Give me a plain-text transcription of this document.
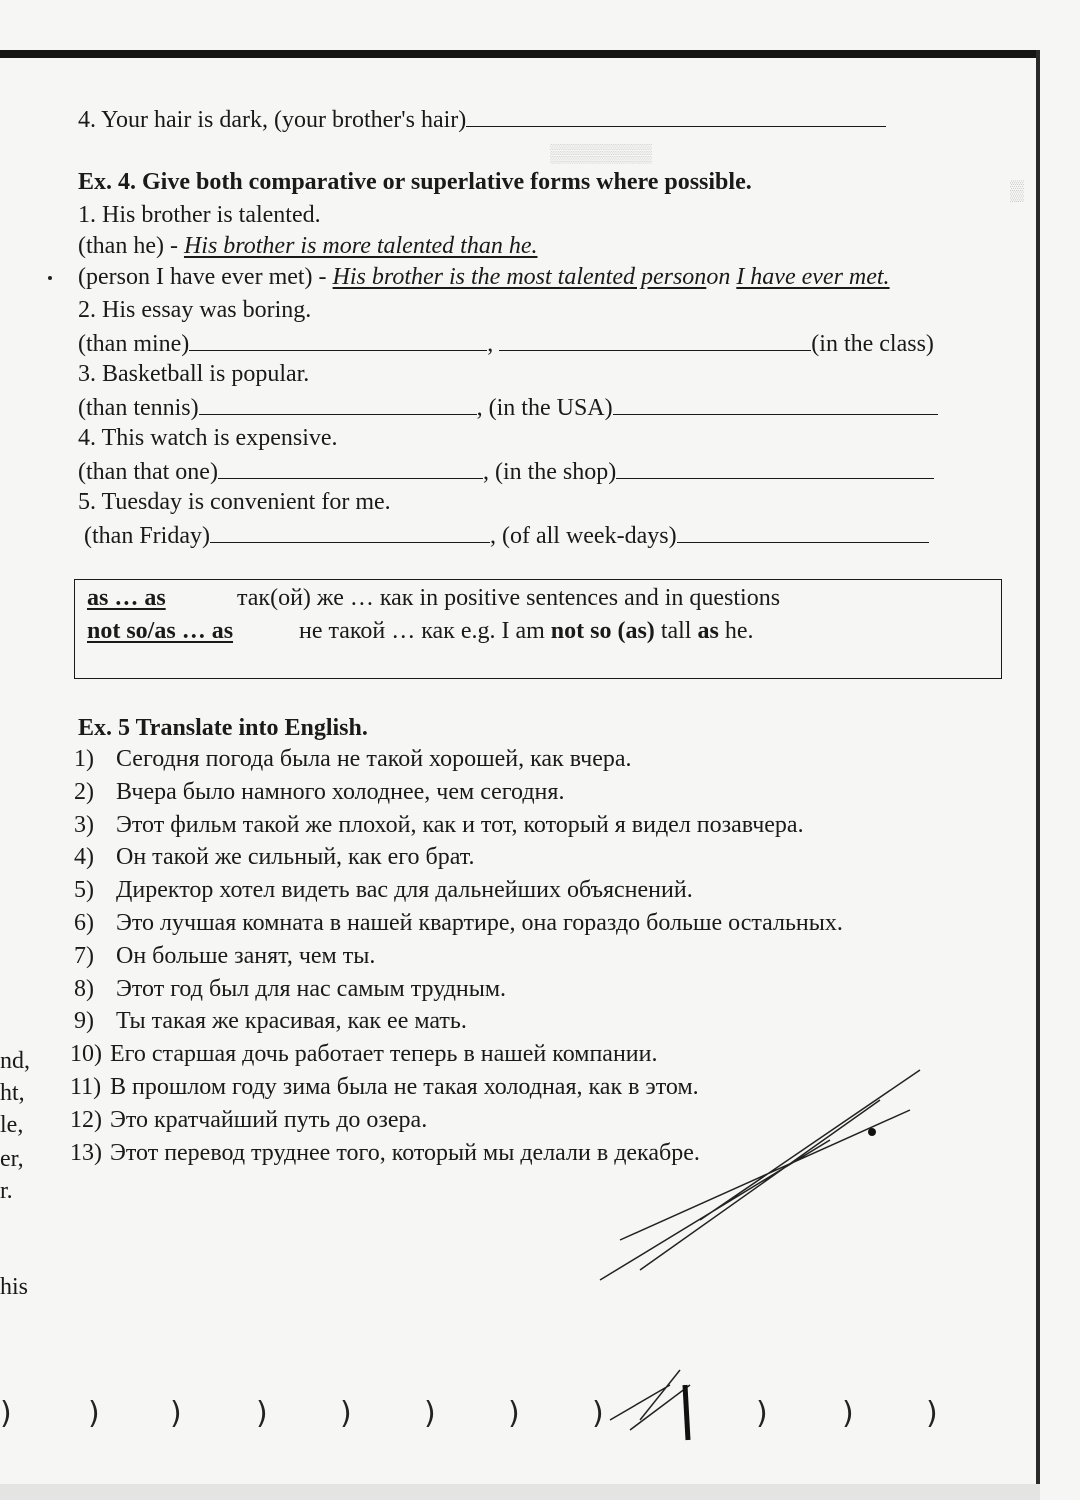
▒▒▒▒▒▒▒▒
▒
4. Your hair is dark, (your brother's hair)
Ex. 4. Give both comparative or superlative forms where possible.
1. His brother is talented.
(than he) - His brother is more talented than he.
(person I have ever met) - His brother is the most talented personon I have ever met.
2. His essay was boring.
(than mine)	,	(in the class)
3. Basketball is popular.
(than tennis)	, (in the USA)
4. This watch is expensive.
(than that one)	, (in the shop)
5. Tuesday is convenient for me.
(than Friday)	, (of all week-days)
as … as	так(ой) же … как in positive sentences and in questions
not so/as … as	не такой … как e.g. I am not so (as) tall as he.
Ex. 5 Translate into English.
1) Сегодня погода была не такой хорошей, как вчера.
2) Вчера было намного холоднее, чем сегодня.
3) Этот фильм такой же плохой, как и тот, который я видел позавчера.
4) Он такой же сильный, как его брат.
5) Директор хотел видеть вас для дальнейших объяснений.
6) Это лучшая комната в нашей квартире, она гораздо больше остальных.
7) Он больше занят, чем ты.
8) Этот год был для нас самым трудным.
9) Ты такая же красивая, как ее мать.
10) Его старшая дочь работает теперь в нашей компании.
11) В прошлом году зима была не такая холодная, как в этом.
12) Это кратчайший путь до озера.
13) Этот перевод труднее того, который мы делали в декабре.
nd,
ht,
le,
er,
r.
his
)	) ) ) ) ) ) )	) ) )
